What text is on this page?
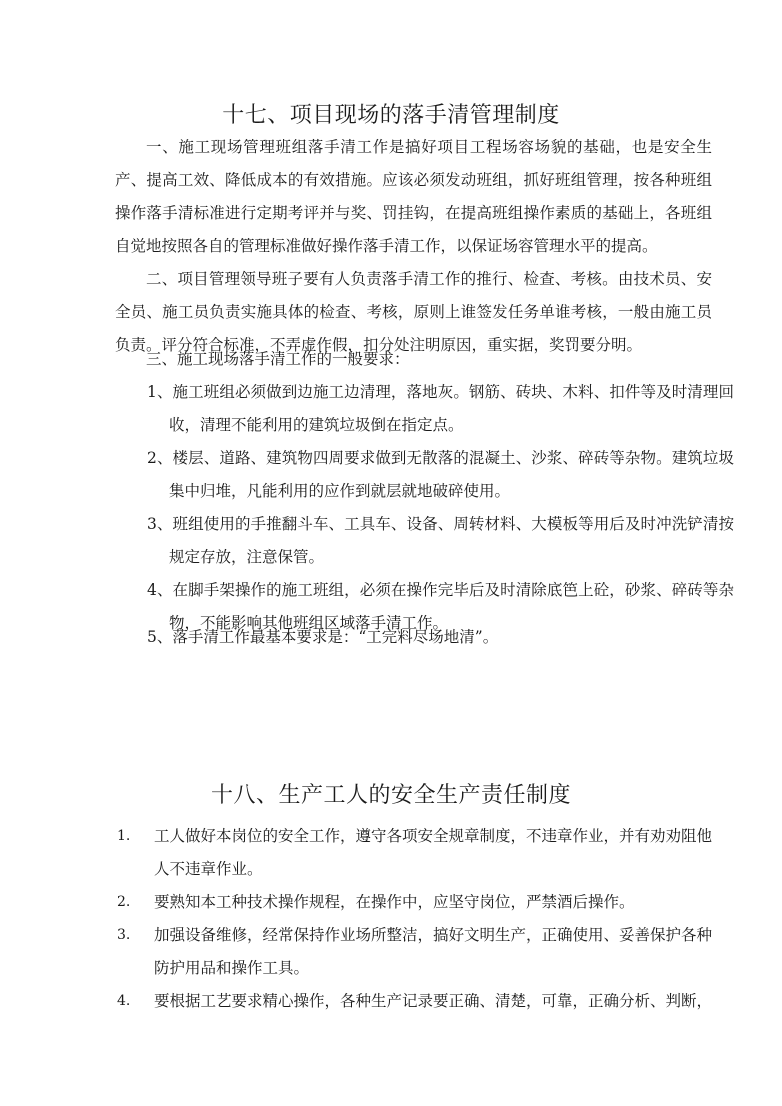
十七、项目现场的落手清管理制度

一、施工现场管理班组落手清工作是搞好项目工程场容场貌的基础，也是安全生产、提高工效、降低成本的有效措施。应该必须发动班组，抓好班组管理，按各种班组操作落手清标准进行定期考评并与奖、罚挂钩，在提高班组操作素质的基础上，各班组自觉地按照各自的管理标准做好操作落手清工作，以保证场容管理水平的提高。

二、项目管理领导班子要有人负责落手清工作的推行、检查、考核。由技术员、安全员、施工员负责实施具体的检查、考核，原则上谁签发任务单谁考核，一般由施工员负责。评分符合标准，不弄虚作假，扣分处注明原因，重实据，奖罚要分明。

三、施工现场落手清工作的一般要求：

1、施工班组必须做到边施工边清理，落地灰。钢筋、砖块、木料、扣件等及时清理回收，清理不能利用的建筑垃圾倒在指定点。

2、楼层、道路、建筑物四周要求做到无散落的混凝土、沙浆、碎砖等杂物。建筑垃圾集中归堆，凡能利用的应作到就层就地破碎使用。

3、班组使用的手推翻斗车、工具车、设备、周转材料、大模板等用后及时冲洗铲清按规定存放，注意保管。

4、在脚手架操作的施工班组，必须在操作完毕后及时清除底笆上砼，砂浆、碎砖等杂物，不能影响其他班组区域落手清工作。

5、落手清工作最基本要求是：“工完料尽场地清”。

十八、生产工人的安全生产责任制度
1.	工人做好本岗位的安全工作，遵守各项安全规章制度，不违章作业，并有劝劝阻他人不违章作业。
2.	要熟知本工种技术操作规程，在操作中，应坚守岗位，严禁酒后操作。
3.	加强设备维修，经常保持作业场所整洁，搞好文明生产，正确使用、妥善保护各种防护用品和操作工具。
4.	要根据工艺要求精心操作，各种生产记录要正确、清楚，可靠，正确分析、判断，
